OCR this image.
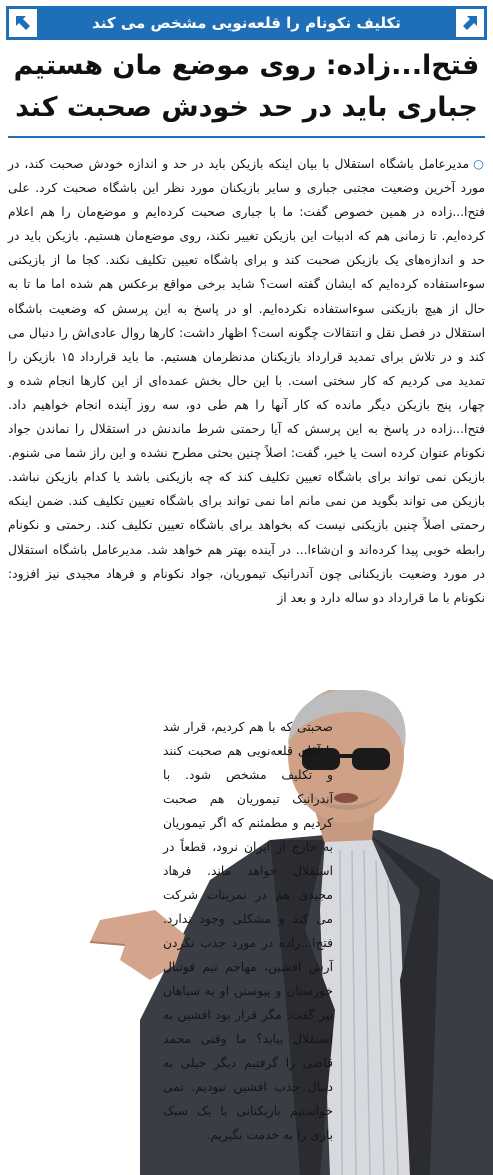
تکلیف نکونام را قلعه‌نویی مشخص می کند
فتح‌ا...زاده: روی موضع مان هستیم
جباری باید در حد خودش صحبت کند
○مدیرعامل باشگاه استقلال با بیان اینکه بازیکن باید در حد و اندازه خودش صحبت کند، در مورد آخرین وضعیت مجتبی جباری و سایر بازیکنان مورد نظر این باشگاه صحبت کرد. علی فتح‌ا...زاده در همین خصوص گفت: ما با جباری صحبت کرده‌ایم و موضع‌مان را هم اعلام کرده‌ایم. تا زمانی هم که ادبیات این بازیکن تغییر نکند، روی موضع‌مان هستیم. بازیکن باید در حد و اندازه‌های یک بازیکن صحبت کند و برای باشگاه تعیین تکلیف نکند. کجا ما از بازیکنی سوءاستفاده کرده‌ایم که ایشان گفته است؟ شاید برخی مواقع برعکس هم شده اما ما تا به حال از هیچ بازیکنی سوءاستفاده نکرده‌ایم. او در پاسخ به این پرسش که وضعیت باشگاه استقلال در فصل نقل و انتقالات چگونه است؟ اظهار داشت: کارها روال عادی‌اش را دنبال می کند و در تلاش برای تمدید قرارداد بازیکنان مدنظرمان هستیم. ما باید قرارداد ۱۵ بازیکن را تمدید می کردیم که کار سختی است. با این حال بخش عمده‌ای از این کارها انجام شده و چهار، پنج بازیکن دیگر مانده که کار آنها را هم طی دو، سه روز آینده انجام خواهیم داد. فتح‌ا...زاده در پاسخ به این پرسش که آیا رحمتی شرط ماندنش در استقلال را نماندن جواد نکونام عنوان کرده است یا خیر، گفت: اصلاً چنین بحثی مطرح نشده و این راز شما می شنوم. بازیکن نمی تواند برای باشگاه تعیین تکلیف کند که چه بازیکنی باشد یا کدام بازیکن نباشد. بازیکن می تواند بگوید من نمی مانم اما نمی تواند برای باشگاه تعیین تکلیف کند. ضمن اینکه رحمتی اصلاً چنین بازیکنی نیست که بخواهد برای باشگاه تعیین تکلیف کند. رحمتی و نکونام رابطه خوبی پیدا کرده‌اند و ان‌شاءا... در آینده بهتر هم خواهد شد. مدیرعامل باشگاه استقلال در مورد وضعیت بازیکنانی چون آندرانیک تیموریان، جواد نکونام و فرهاد مجیدی نیز افزود: نکونام با ما قرارداد دو ساله دارد و بعد از
صحبتی که با هم کردیم، قرار شد با آقای قلعه‌نویی هم صحبت کنند و تکلیف مشخص شود. با آندرانیک تیموریان هم صحبت کردیم و مطمئنم که اگر تیموریان به خارج از ایران نرود، قطعاً در استقلال خواهد ماند. فرهاد مجیدی هم در تمرینات شرکت می کند و مشکلی وجود ندارد. فتح‌ا...زاده در مورد جذب نکردن آرش افشین، مهاجم تیم فوتبال خوزستان و پیوستن او به سپاهان نیز گفت: مگر قرار بود افشین به استقلال بیاید؟ ما وقتی محمد قاضی را گرفتیم دیگر خیلی به دنبال جذب افشین نبودیم. نمی خواستیم بازیکنانی با یک سبک بازی را به خدمت بگیریم.
